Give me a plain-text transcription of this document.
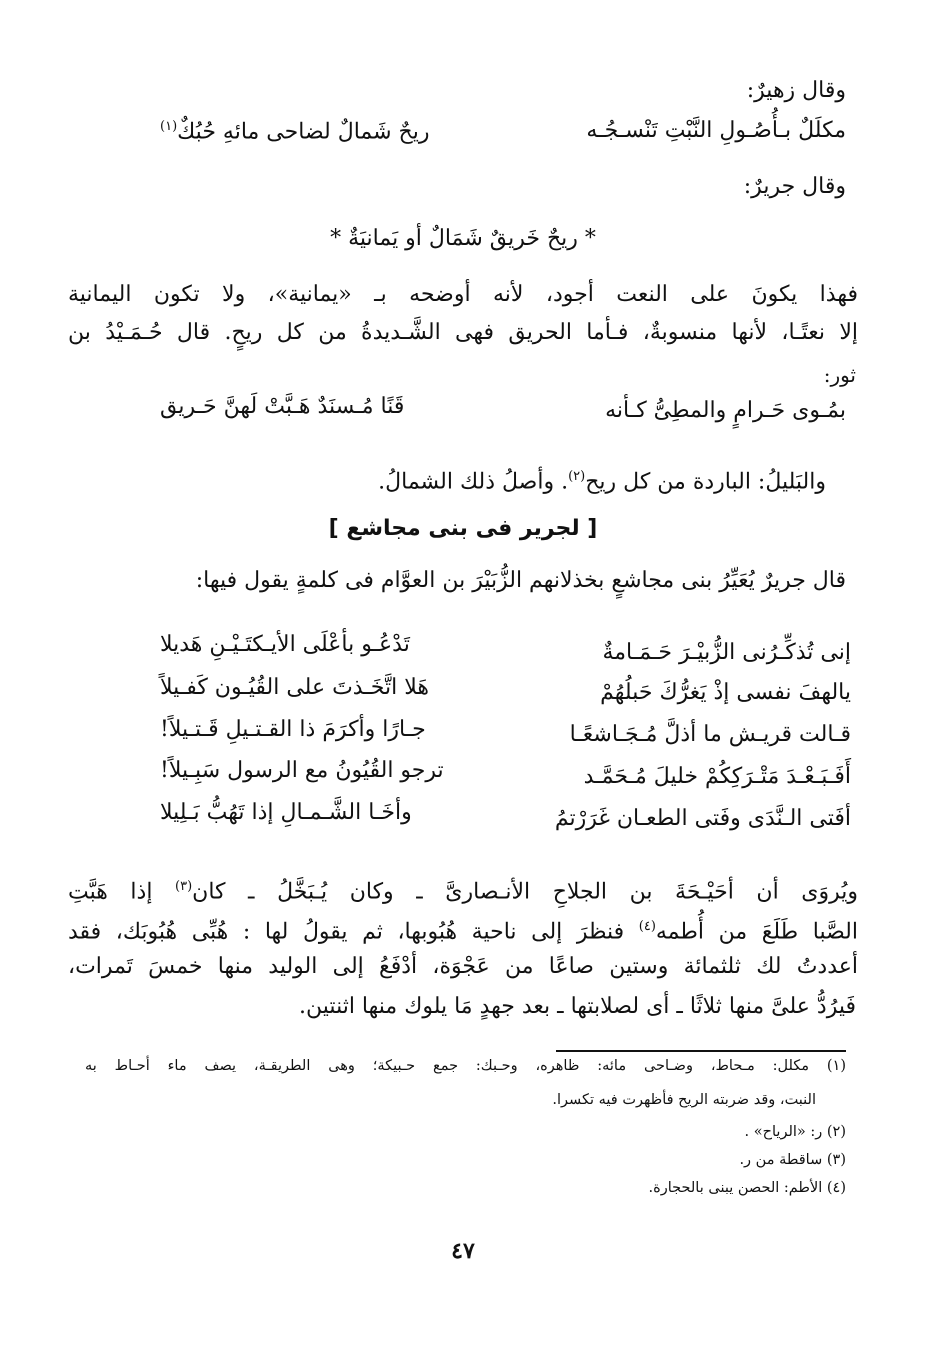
وقال زهيرٌ:
مكلَلٌ بـأُصُـولِ النَّبْتِ تَنْسـجُـه
ريحٌ شَمالٌ لضاحى مائهِ حُبُكٌ$^{(١)}$
وقال جريرٌ:
* ريحٌ خَريقٌ شَمَالٌ أو يَمانيَةٌ *
فهذا يكونَ على النعت أجود، لأنه أوضحه بـ «يمانية»، ولا تكون اليمانية
إلا نعتًـا، لأنها منسوبةٌ، فـأما الحريق فهى الشَّـديدةُ من كل ريحٍ. قال حُـمَـيْدُ بن
ثور:
بمُـوى حَـرامٍ والمطِىُّ كـأنه
قَنًا مُـسنَدٌ هَـبَّتْ لَهنَّ حَـريق
والبَليلُ: الباردة من كل ريح$^{(٢)}$. وأصلُ ذلك الشمالُ.
[ لجرير فى بنى مجاشع ]
قال جريرٌ يُعَيِّرُ بنى مجاشعٍ بخذلانهم الزُّبَيْرَ بن العوَّام فى كلمةٍ يقول فيها:
إنى تُذكِّـرُنى الزُّبيْـرَ حَـمَـامةٌ
تَدْعُـو بأعْلَى الأيـكتَـيْـنِ هَديلا
يالهفَ نفسى إذْ يَغرُّكَ حَبلُهُمْ
هَلا اتَّخَـذتَ على القُيُـون كَفـيلاً
قـالت قريـش ما أذلَّ مُـجَـاشعًـا
جـارًا وأكرَمَ ذا القـتـيلِ قَـتـيلاً!
أَفَـبَـعْـدَ مَتْـرَكِكُمْ خليلَ مُـحَمَّـد
ترجو القُيُونُ مع الرسول سَبِـيلاً!
أفَتى الـنَّدَى وفَتى الطعـان غَرَرْتمُ
وأخَـا الشَّـمـالِ إذا تَهُبُّ بَـلِيلا
ويُروَى أن أحَيْـحَةَ بن الجلاحِ الأنـصارىَّ ـ وكان يُـبَخَّلُ ـ كان$^{(٣)}$ إذا هَبَّتِ
الصَّبا طَلَعَ من أُطمه$^{(٤)}$ فنظرَ إلى ناحية هُبُوبها، ثم يقولُ لها : هُبِّى هُبُوبَك، فقد
أعددتُ لك ثلثمائة وستين صاعًا من عَجْوَة، أدْفَعُ إلى الوليد منها خمسَ تَمرات،
فَيرُدُّ علىَّ منها ثلاثًا ـ أى لصلابتها ـ بعد جهدٍ مَا يلوك منها اثنتين.
(١) مكلل: مـحاط، وضـاحى مائه: ظاهره، وحـبك: جمع حـبيكة؛ وهى الطريقـة، يصف ماء أحـاط به
النبت، وقد ضربته الريح فأظهرت فيه تكسرا.
(٢) ر: «الرياح» .
(٣) ساقطة من ر.
(٤) الأطم: الحصن يبنى بالحجارة.
٤٧
